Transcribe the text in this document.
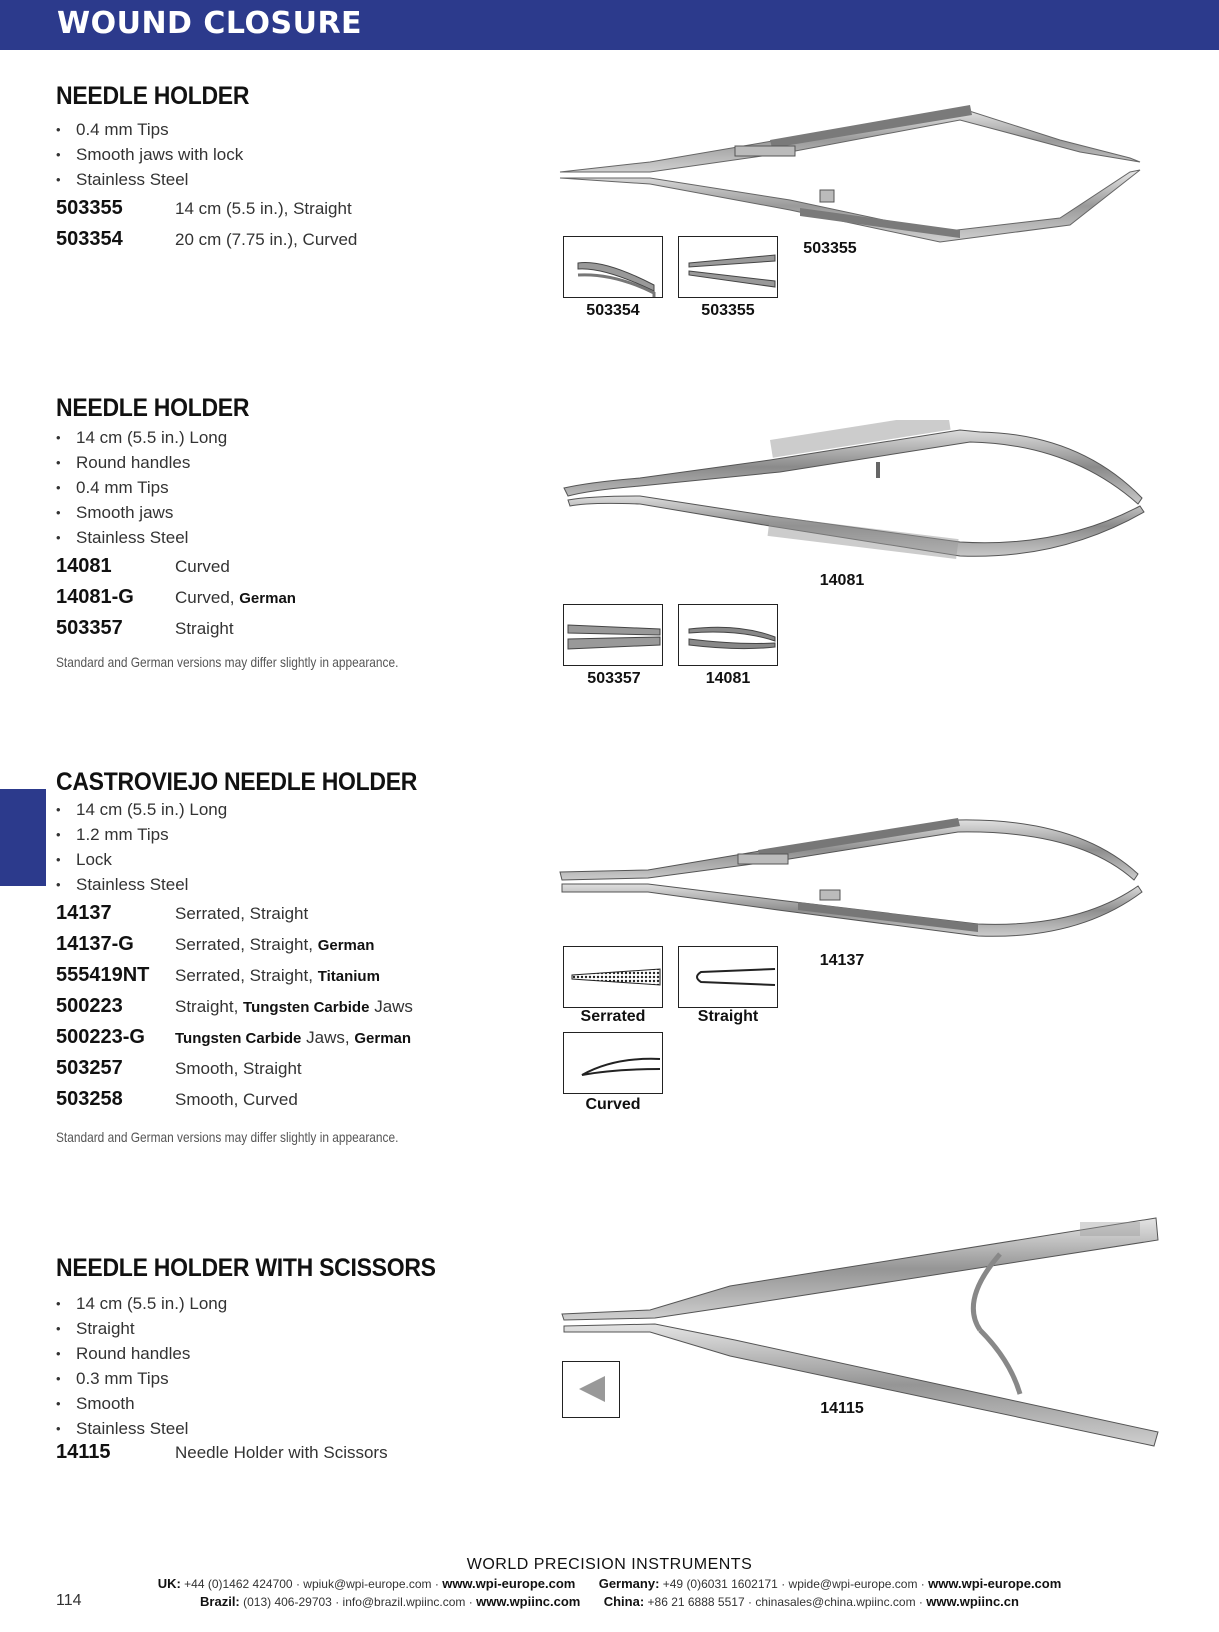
WOUND CLOSURE
NEEDLE HOLDER
• 0.4 mm Tips
• Smooth jaws with lock
• Stainless Steel
503355	14 cm (5.5 in.), Straight
503354	20 cm (7.75 in.), Curved	503355
503354	503355
NEEDLE HOLDER
• 14 cm (5.5 in.) Long
• Round handles
• 0.4 mm Tips
• Smooth jaws
• Stainless Steel
14081	Curved
14081-G	Curved, German
503357	Straight
Standard and German versions may differ slightly in appearance.
14081
503357	14081
CASTROVIEJO NEEDLE HOLDER
• 14 cm (5.5 in.) Long
• 1.2 mm Tips
• Lock
• Stainless Steel
14137	Serrated, Straight
14137-G	Serrated, Straight, German
555419NT	Serrated, Straight, Titanium
500223	Straight, Tungsten Carbide Jaws
500223-G	Tungsten Carbide Jaws, German
503257	Smooth, Straight
503258	Smooth, Curved
Standard and German versions may differ slightly in appearance.
14137
Serrated	Straight
Curved
NEEDLE HOLDER WITH SCISSORS
• 14 cm (5.5 in.) Long
• Straight
• Round handles
• 0.3 mm Tips
• Smooth
• Stainless Steel
14115	Needle Holder with Scissors
14115
WORLD PRECISION INSTRUMENTS
UK: +44 (0)1462 424700 · wpiuk@wpi-europe.com · www.wpi-europe.com Germany: +49 (0)6031 1602171 · wpide@wpi-europe.com · www.wpi-europe.com
Brazil: (013) 406-29703 · info@brazil.wpiinc.com · www.wpiinc.com China: +86 21 6888 5517 · chinasales@china.wpiinc.com · www.wpiinc.cn
114
